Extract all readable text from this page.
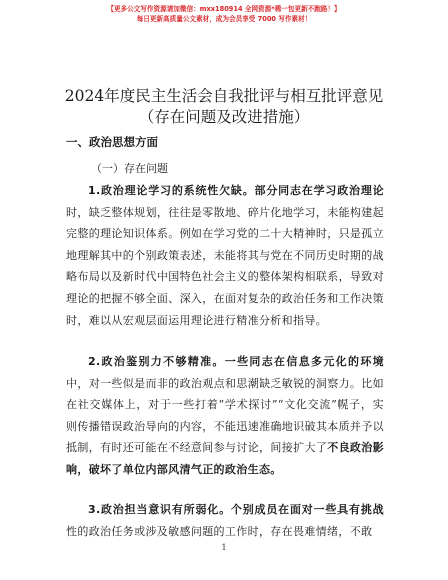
【更多公文写作资源请加微信：mxx180914 全网资源*稀一包更新不跑路！】
每日更新高质量公文素材，成为会员享受 7000 写作素材！
2024年度民主生活会自我批评与相互批评意见
（存在问题及改进措施）
一、政治思想方面
（一）存在问题
1.政治理论学习的系统性欠缺。部分同志在学习政治理论时，缺乏整体规划，往往是零散地、碎片化地学习，未能构建起完整的理论知识体系。例如在学习党的二十大精神时，只是孤立地理解其中的个别政策表述，未能将其与党在不同历史时期的战略布局以及新时代中国特色社会主义的整体架构相联系，导致对理论的把握不够全面、深入，在面对复杂的政治任务和工作决策时，难以从宏观层面运用理论进行精准分析和指导。
2.政治鉴别力不够精准。一些同志在信息多元化的环境中，对一些似是而非的政治观点和思潮缺乏敏锐的洞察力。比如在社交媒体上，对于一些打着“学术探讨”“文化交流”幌子，实则传播错误政治导向的内容，不能迅速准确地识破其本质并予以抵制，有时还可能在不经意间参与讨论，间接扩大了不良政治影响，破坏了单位内部风清气正的政治生态。
3.政治担当意识有所弱化。个别成员在面对一些具有挑战性的政治任务或涉及敏感问题的工作时，存在畏难情绪，不敢
1
